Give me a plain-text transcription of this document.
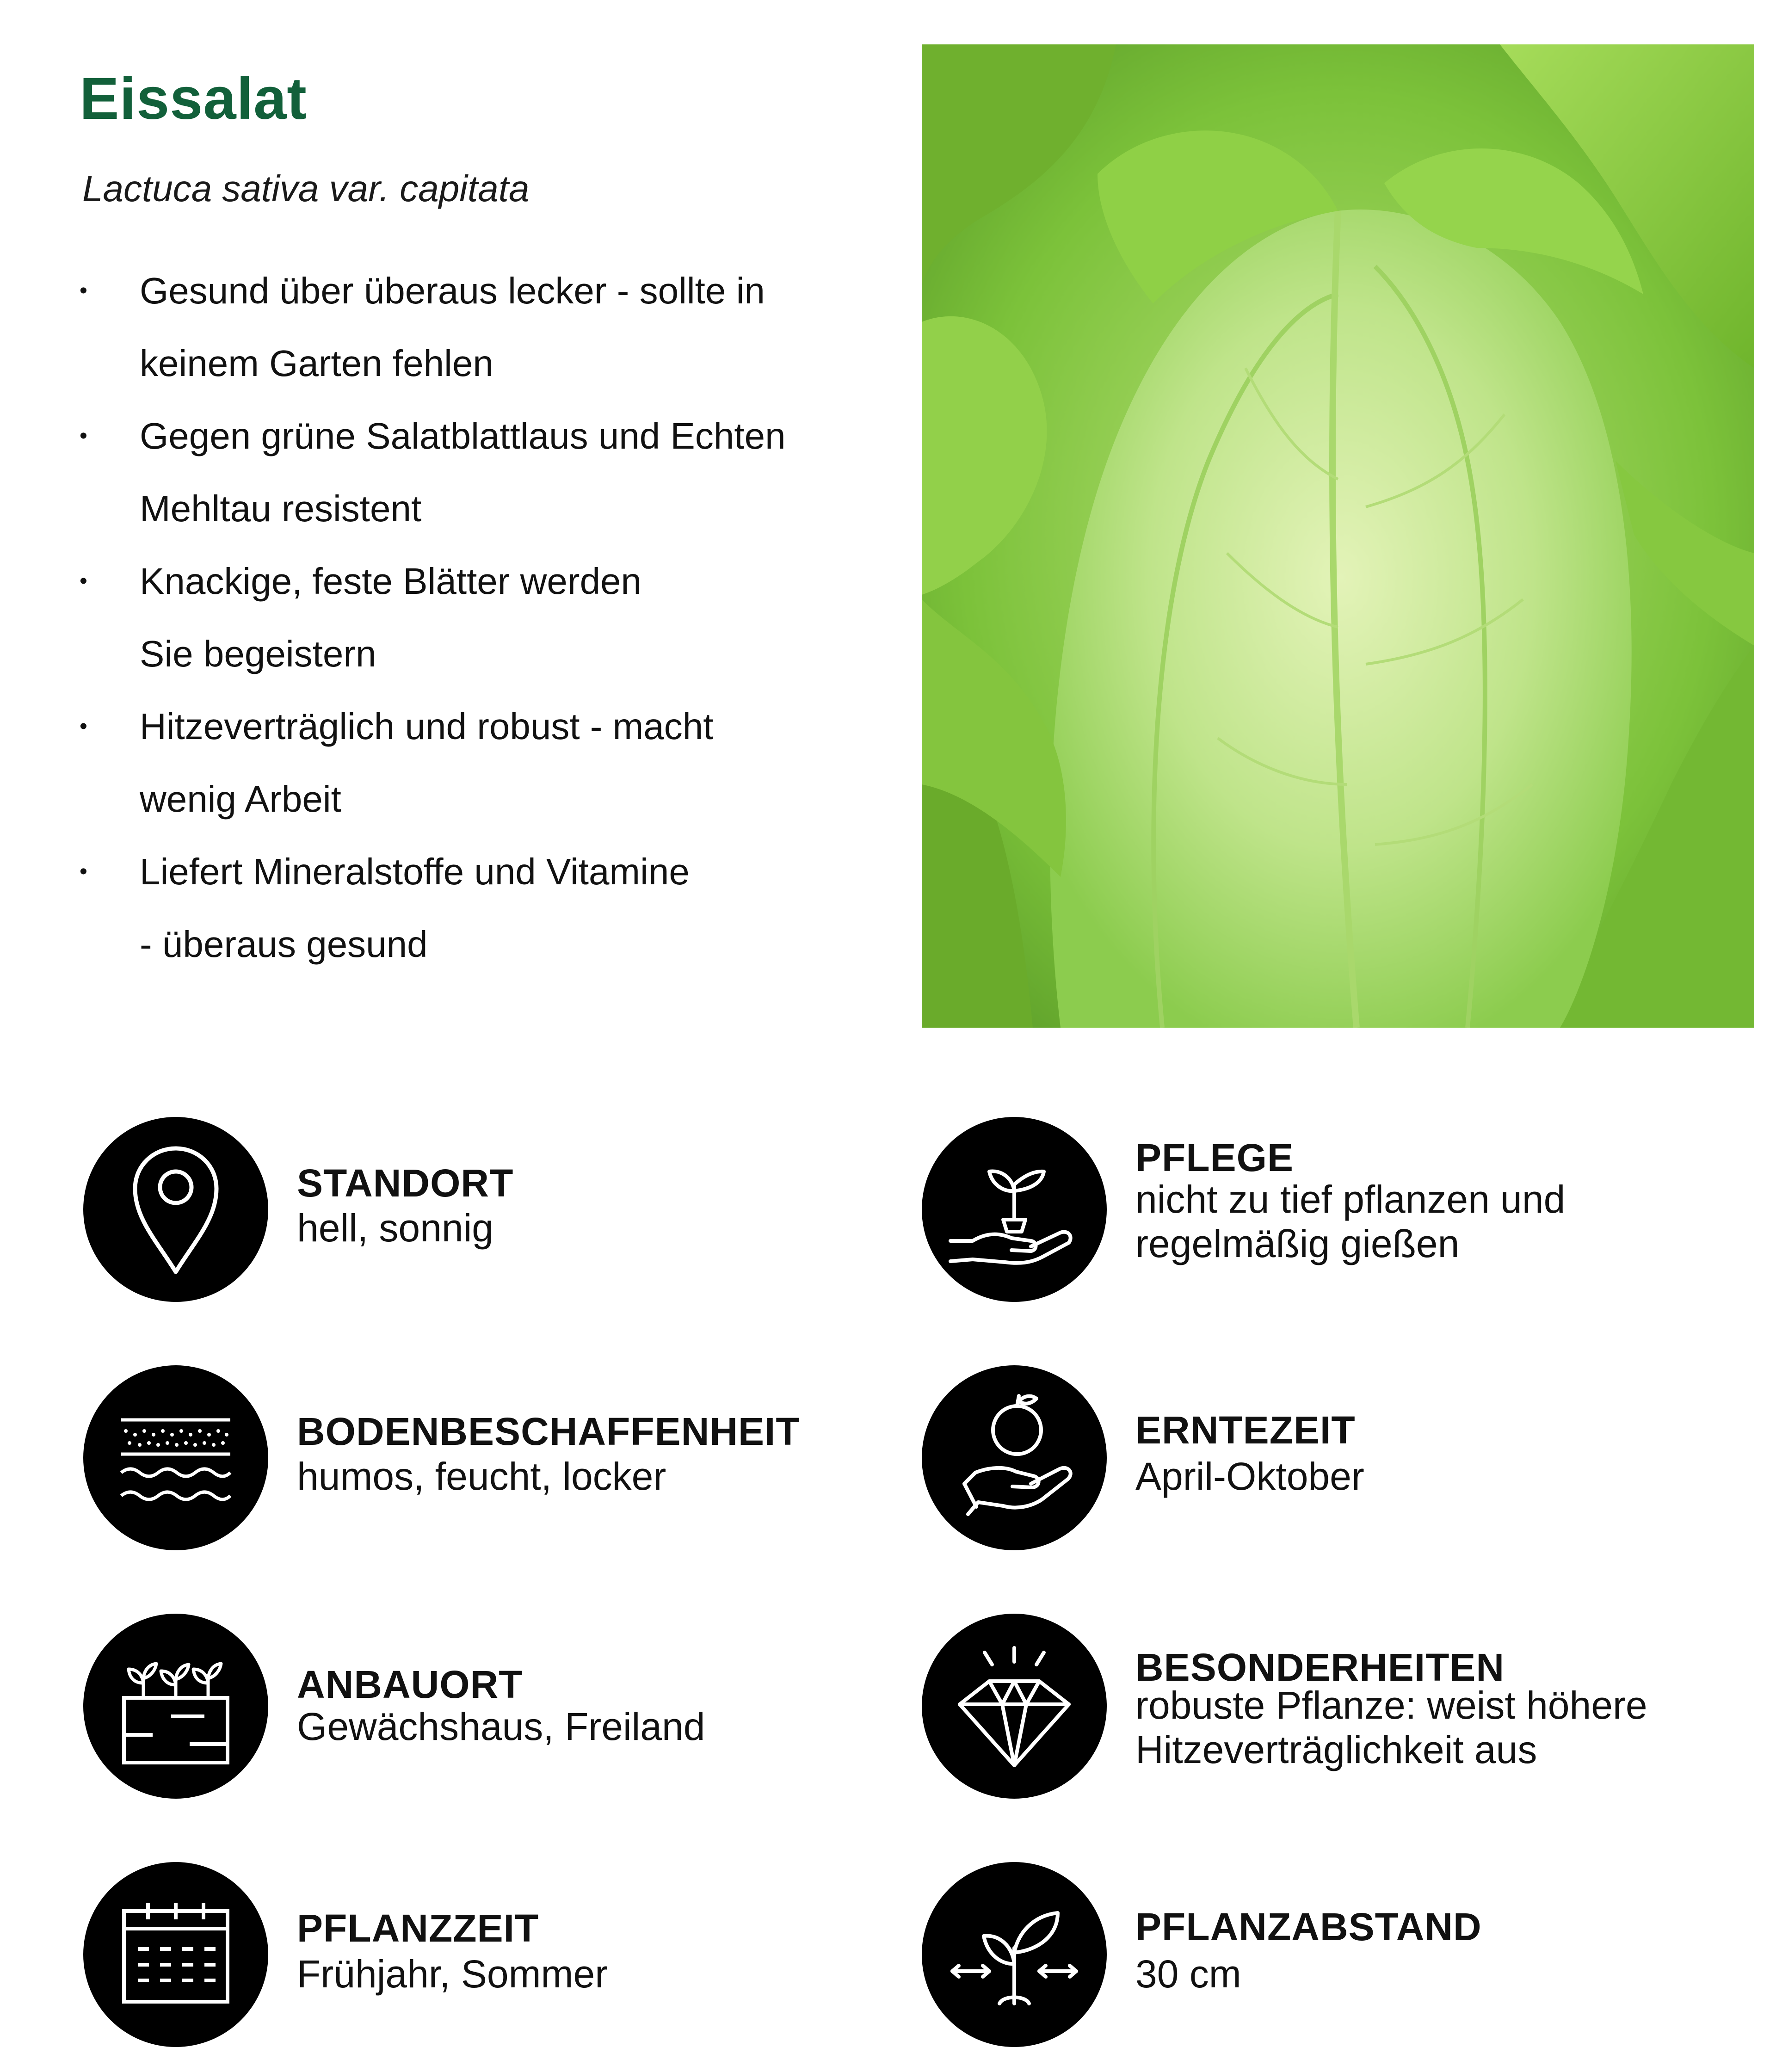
Eissalat

Lactuca sativa var. capitata

• Gesund über überaus lecker - sollte in
keinem Garten fehlen
• Gegen grüne Salatblattlaus und Echten
Mehltau resistent
• Knackige, feste Blätter werden
Sie begeistern
• Hitzeverträglich und robust - macht
wenig Arbeit
• Liefert Mineralstoffe und Vitamine
- überaus gesund
STANDORT
hell, sonnig
BODENBESCHAFFENHEIT
humos, feucht, locker
ANBAUORT
Gewächshaus, Freiland
PFLANZZEIT
Frühjahr, Sommer
PFLEGE
nicht zu tief pflanzen und
regelmäßig gießen
ERNTEZEIT
April-Oktober
BESONDERHEITEN
robuste Pflanze: weist höhere
Hitzeverträglichkeit aus
PFLANZABSTAND
30 cm
